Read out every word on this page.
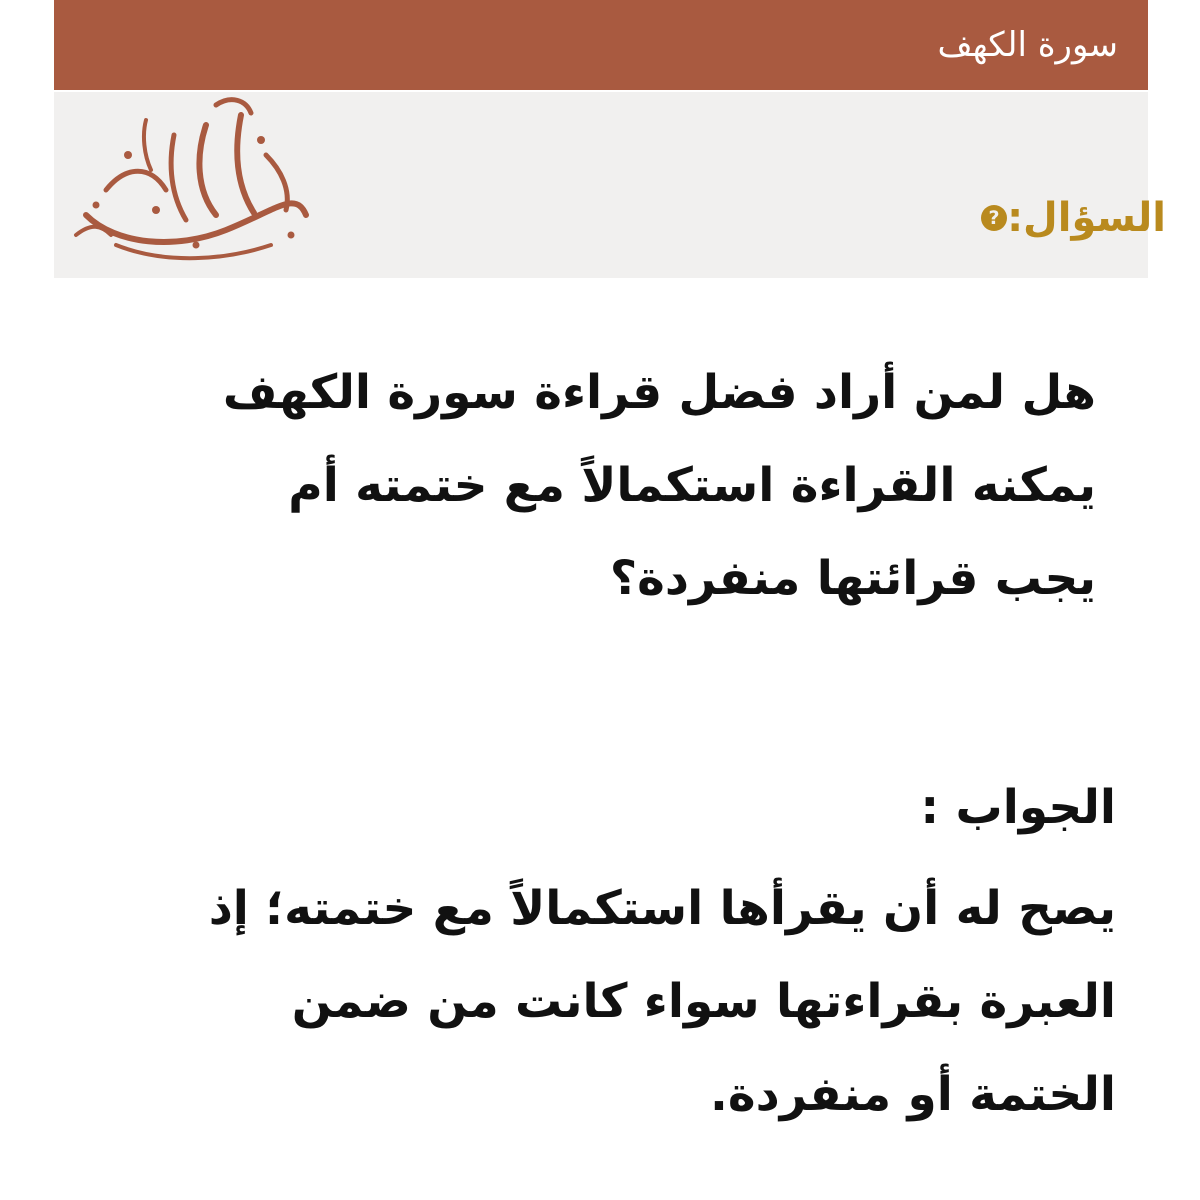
سورة الكهف
? السؤال:
هل لمن أراد فضل قراءة سورة الكهف
يمكنه القراءة استكمالاً مع ختمته أم
يجب قرائتها منفردة؟
الجواب :
يصح له أن يقرأها استكمالاً مع ختمته؛ إذ
العبرة بقراءتها سواء كانت من ضمن
الختمة أو منفردة.
